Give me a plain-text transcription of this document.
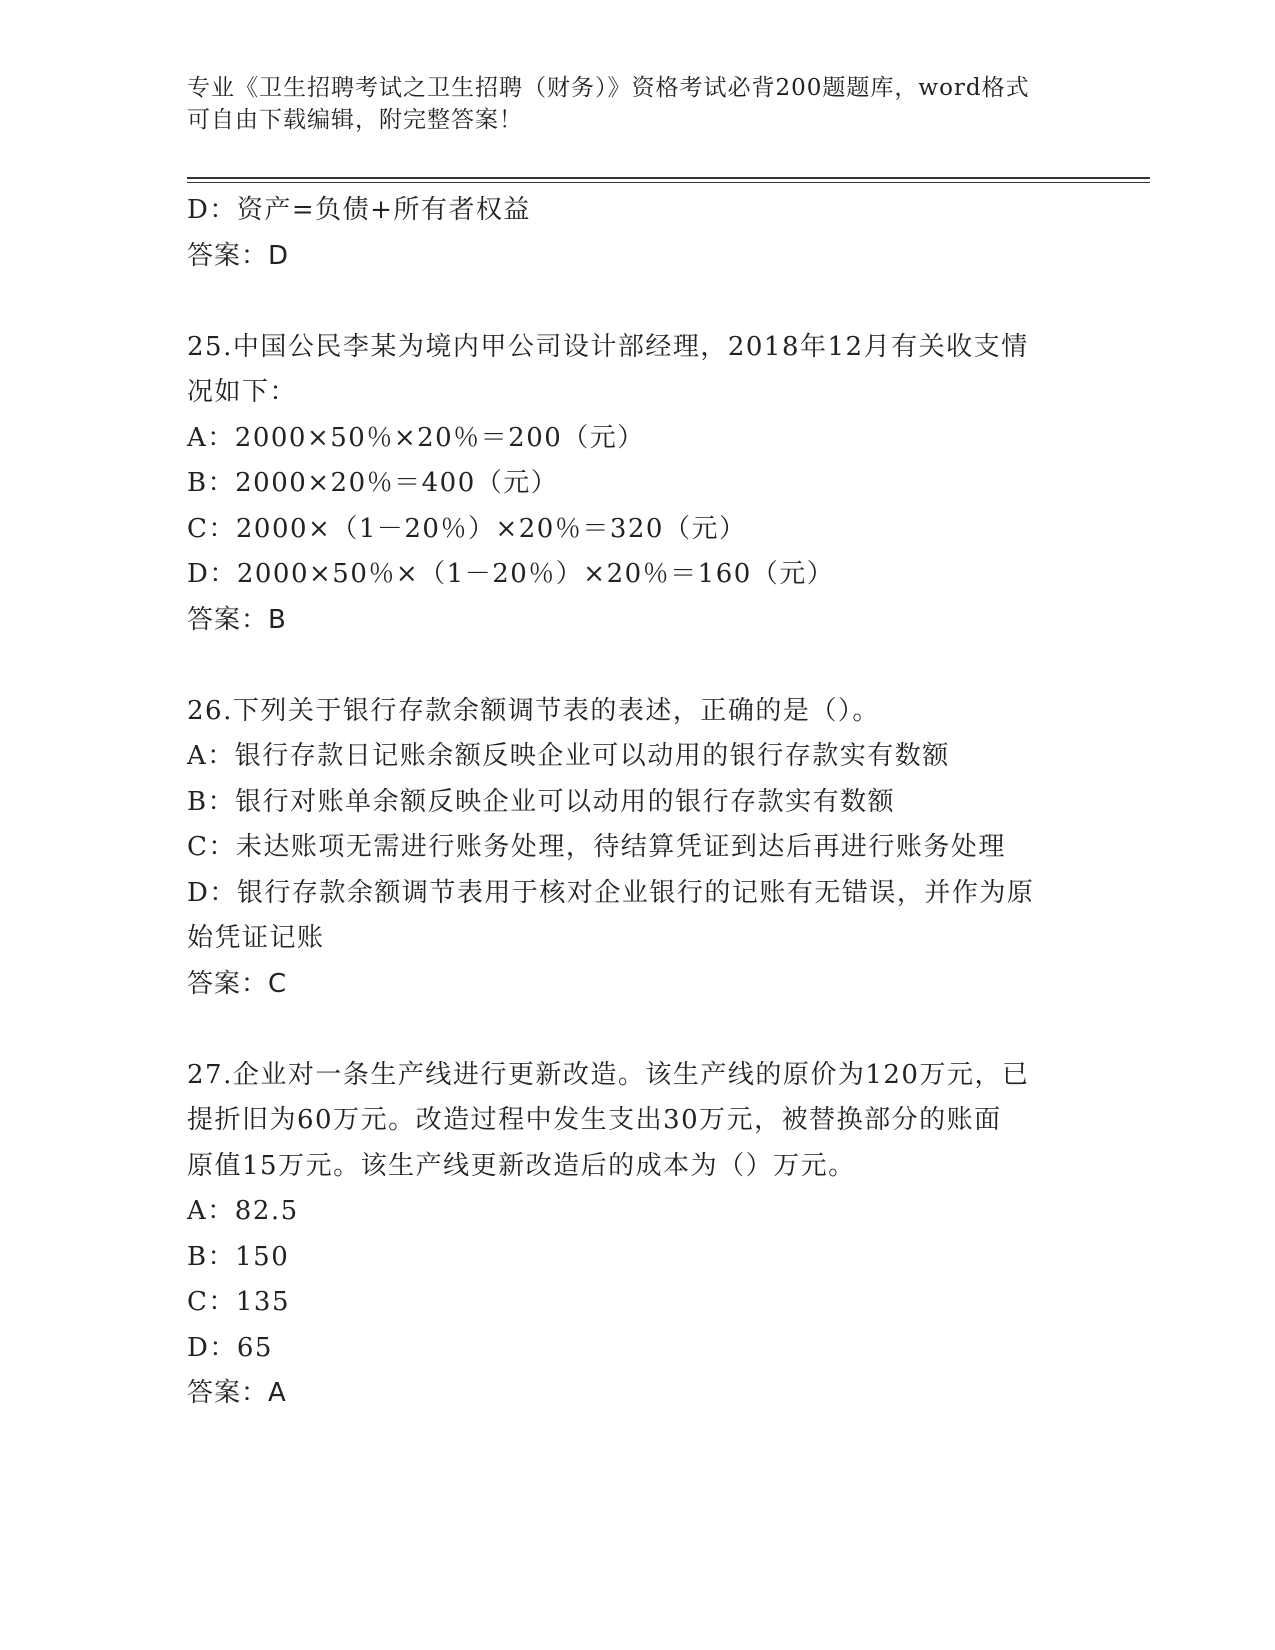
专业《卫生招聘考试之卫生招聘（财务）》资格考试必背200题题库，word格式
可自由下载编辑，附完整答案！
D：资产=负债+所有者权益
答案：D
25.中国公民李某为境内甲公司设计部经理，2018年12月有关收支情
况如下：
A：2000×50％×20％＝200（元）
B：2000×20％＝400（元）
C：2000×（1－20％）×20％＝320（元）
D：2000×50％×（1－20％）×20％＝160（元）
答案：B
26.下列关于银行存款余额调节表的表述，正确的是（）。
A：银行存款日记账余额反映企业可以动用的银行存款实有数额
B：银行对账单余额反映企业可以动用的银行存款实有数额
C：未达账项无需进行账务处理，待结算凭证到达后再进行账务处理
D：银行存款余额调节表用于核对企业银行的记账有无错误，并作为原
始凭证记账
答案：C
27.企业对一条生产线进行更新改造。该生产线的原价为120万元，已
提折旧为60万元。改造过程中发生支出30万元，被替换部分的账面
原值15万元。该生产线更新改造后的成本为（）万元。
A：82.5
B：150
C：135
D：65
答案：A
